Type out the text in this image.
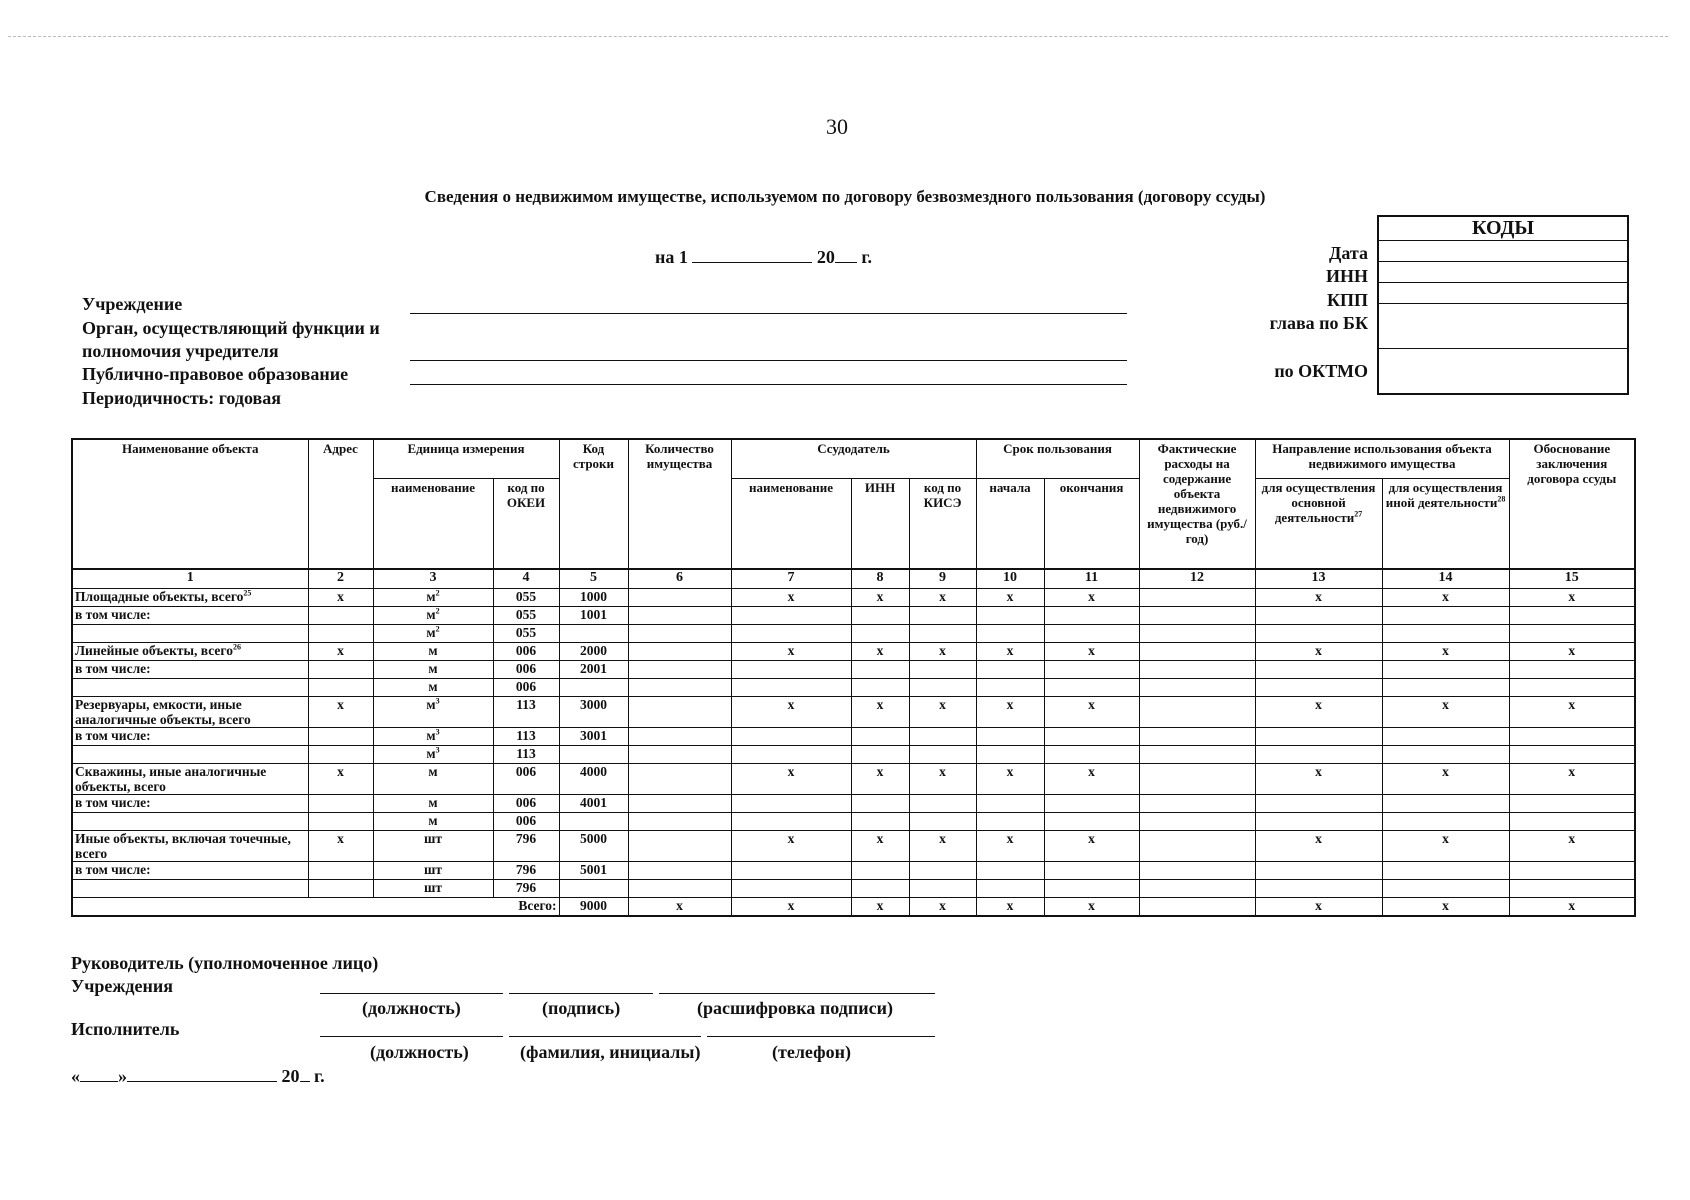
30
Сведения о недвижимом имуществе, используемом по договору безвозмездного пользования (договору ссуды)
на 1	20 г.
КОДЫ

Дата
ИНН
КПП
глава по БК
по ОКТМО
Учреждение
Орган, осуществляющий функции и
полномочия учредителя
Публично-правовое образование
Периодичность: годовая
Наименование объекта	Адрес	Единица измерения		Код строки	Количество имущества	Ссудодатель			Срок пользования		Фактические расходы на содержание объекта недвижимого имущества (руб./год)	Направление использования объекта недвижимого имущества		Обоснование заключения договора ссуды
		наименование	код по ОКЕИ			наименование	ИНН	код по КИСЭ	начала	окончания		для осуществления основной деятельности$^{27}$	для осуществления иной деятельности$^{28}$
1	2	3	4	5	6	7	8	9	10	11	12	13	14	15
Площадные объекты, всего$^{25}$	x	$м^2$	055	1000		x	x	x	x	x		x	x	x
в том числе:		$м^2$	055	1001										
		$м^2$	055											
Линейные объекты, всего$^{26}$	x	м	006	2000		x	x	x	x	x		x	x	x
в том числе:		м	006	2001										
		м	006											
Резервуары, емкости, иные аналогичные объекты, всего	x	$м^3$	113	3000		x	x	x	x	x		x	x	x
в том числе:		$м^3$	113	3001										
		$м^3$	113											
Скважины, иные аналогичные объекты, всего	x	м	006	4000		x	x	x	x	x		x	x	x
в том числе:		м	006	4001										
		м	006											
Иные объекты, включая точечные, всего	x	шт	796	5000		x	x	x	x	x		x	x	x
в том числе:		шт	796	5001										
		шт	796											
Всего:				9000	x	x	x	x	x	x		x	x	x
Руководитель (уполномоченное лицо)
Учреждения
(должность)	(подпись)	(расшифровка подписи)
Исполнитель
(должность)	(фамилия, инициалы)	(телефон)
« »	20 г.
